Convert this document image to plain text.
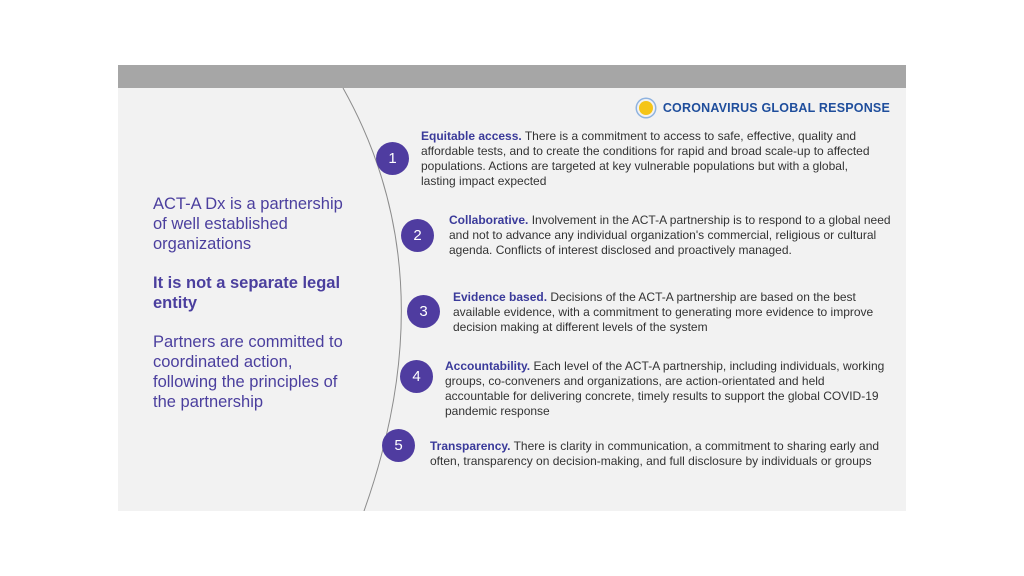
CORONAVIRUS GLOBAL RESPONSE

ACT-A Dx is a partnership of well established organizations

It is not a separate legal entity

Partners are committed to coordinated action, following the principles of the partnership

1
Equitable access. There is a commitment to access to safe, effective, quality and affordable tests, and to create the conditions for rapid and broad scale-up to affected populations. Actions are targeted at key vulnerable populations but with a global, lasting impact expected
2
Collaborative. Involvement in the ACT-A partnership is to respond to a global need and not to advance any individual organization's commercial, religious or cultural agenda. Conflicts of interest disclosed and proactively managed.
3
Evidence based. Decisions of the ACT-A partnership are based on the best available evidence, with a commitment to generating more evidence to improve decision making at different levels of the system
4
Accountability. Each level of the ACT-A partnership, including individuals, working groups, co-conveners and organizations, are action-orientated and held accountable for delivering concrete, timely results to support the global COVID-19 pandemic response
5	Transparency. There is clarity in communication, a commitment to sharing early and often, transparency on decision-making, and full disclosure by individuals or groups
